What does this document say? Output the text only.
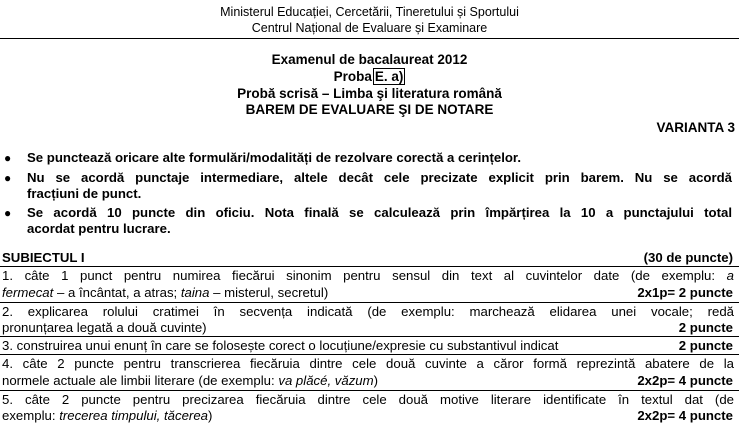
Ministerul Educației, Cercetării, Tineretului și Sportului
Centrul Național de Evaluare și Examinare
Examenul de bacalaureat 2012
Proba E. a)
Probă scrisă – Limba şi literatura română
BAREM DE EVALUARE ŞI DE NOTARE
VARIANTA 3
● Se punctează oricare alte formulări/modalități de rezolvare corectă a cerințelor.
● Nu se acordă punctaje intermediare, altele decât cele precizate explicit prin barem. Nu se acordă
fracțiuni de punct.
● Se acordă 10 puncte din oficiu. Nota finală se calculează prin împărțirea la 10 a punctajului total
acordat pentru lucrare.
SUBIECTUL I	(30 de puncte)
1. câte 1 punct pentru numirea fiecărui sinonim pentru sensul din text al cuvintelor date (de exemplu: a
fermecat – a încântat, a atras; taina – misterul, secretul)	2x1p= 2 puncte
2. explicarea rolului cratimei în secvența indicată (de exemplu: marchează elidarea unei vocale; redă
pronunțarea legată a două cuvinte)	2 puncte
3. construirea unui enunț în care se folosește corect o locuțiune/expresie cu substantivul indicat	2 puncte
4. câte 2 puncte pentru transcrierea fiecăruia dintre cele două cuvinte a căror formă reprezintă abatere de la
normele actuale ale limbii literare (de exemplu: va plăcé, văzum)	2x2p= 4 puncte
5. câte 2 puncte pentru precizarea fiecăruia dintre cele două motive literare identificate în textul dat (de
exemplu: trecerea timpului, tăcerea)	2x2p= 4 puncte
